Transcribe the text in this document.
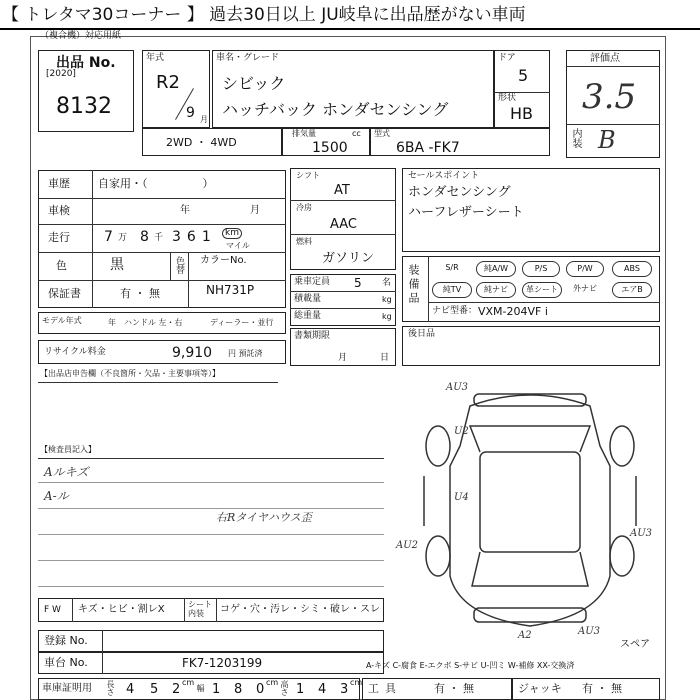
【 トレタマ30コーナー 】 過去30日以上 JU岐阜に出品歴がない車両
（複合機）対応用紙
出品 No.
[2020]
8132
年式
R2
9 月
車名・グレード
シビック
ハッチバック ホンダセンシング
ドア
5
形状
HB
評価点
3.5
内装 B
2WD ・ 4WD
排気量	cc
1500
型式
6BA -FK7
車歴	自家用・（　　　　　）
車検	年	月
走行 7 万 8 千 361 km
マイル
色	黒	色替 カラーNo.
NH731P
保証書	有 ・ 無
モデル年式	年 ハンドル 左・右	ディーラー・並行
リサイクル料金	9,910 円 預託済
シフト
AT
冷房
AAC
燃料
ガソリン
乗車定員 5 名
積載量	kg
総重量	kg
書類期限
月	日
セールスポイント
ホンダセンシング
ハーフレザーシート
装備品	S/R	純A/W	P/S	P/W	ABS
純TV	純ナビ	革シート	外ナビ	エアB
ナビ型番： VXM-204VF i
後日品
【出品店申告欄（不良箇所・欠品・主要事項等）】
【検査員記入】
Aルキズ
A-ル
右Rタイヤハウス歪
AU3
U2
U4
AU2
AU3
A2	AU3
スペア
F W キズ・ヒビ・割レX	シート内装	コゲ・穴・汚レ・シミ・破レ・スレ
登録 No.
車台 No.	FK7-1203199	A-キズ C-腐食 E-エクボ S-サビ U-凹ミ W-補修 XX-交換済
車庫証明用 長さ 4 5 2 cm
幅 1 8 0 cm 高さ 1 4 3 cm 工具	有 ・ 無	ジャッキ 有 ・ 無
